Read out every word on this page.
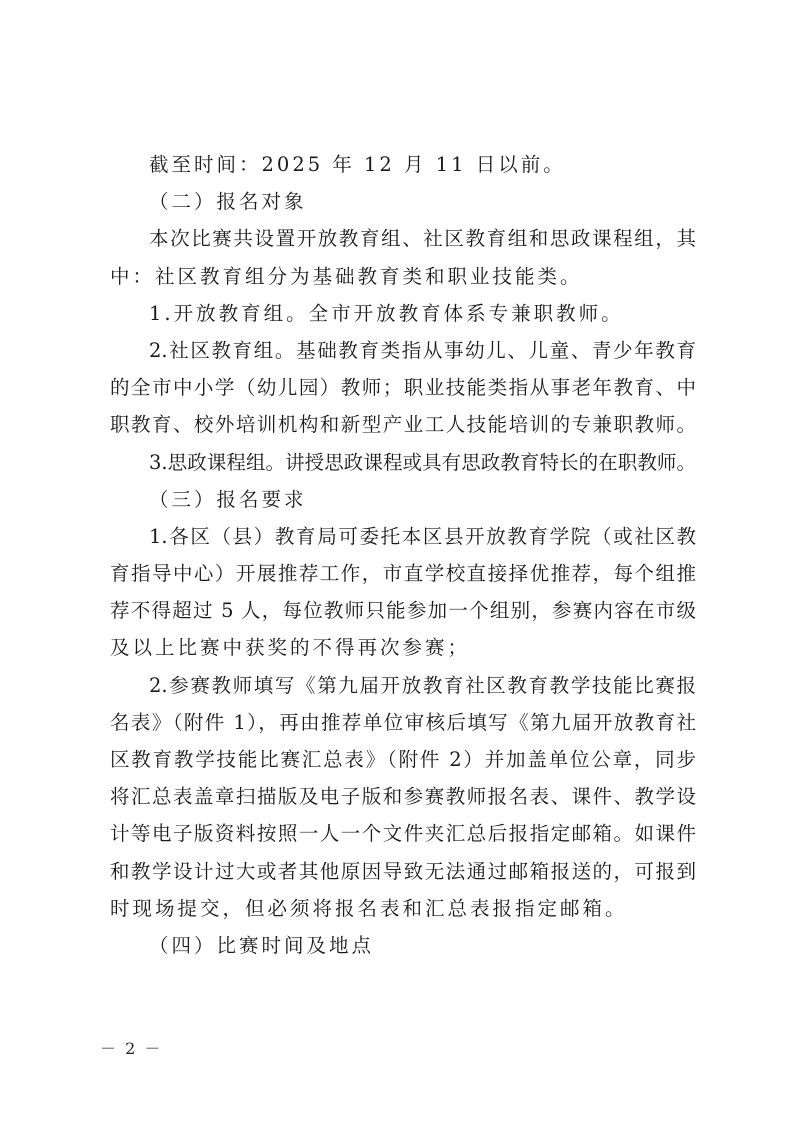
截至时间：2025 年 12 月 11 日以前。
（二）报名对象
本次比赛共设置开放教育组、社区教育组和思政课程组，其
中：社区教育组分为基础教育类和职业技能类。
1.开放教育组。全市开放教育体系专兼职教师。
2.社区教育组。基础教育类指从事幼儿、儿童、青少年教育
的全市中小学（幼儿园）教师；职业技能类指从事老年教育、中
职教育、校外培训机构和新型产业工人技能培训的专兼职教师。
3.思政课程组。讲授思政课程或具有思政教育特长的在职教师。
（三）报名要求
1.各区（县）教育局可委托本区县开放教育学院（或社区教
育指导中心）开展推荐工作，市直学校直接择优推荐，每个组推
荐不得超过 5 人，每位教师只能参加一个组别，参赛内容在市级
及以上比赛中获奖的不得再次参赛；
2.参赛教师填写《第九届开放教育社区教育教学技能比赛报
名表》（附件 1），再由推荐单位审核后填写《第九届开放教育社
区教育教学技能比赛汇总表》（附件 2）并加盖单位公章，同步
将汇总表盖章扫描版及电子版和参赛教师报名表、课件、教学设
计等电子版资料按照一人一个文件夹汇总后报指定邮箱。如课件
和教学设计过大或者其他原因导致无法通过邮箱报送的，可报到
时现场提交，但必须将报名表和汇总表报指定邮箱。
（四）比赛时间及地点
－ 2 －
